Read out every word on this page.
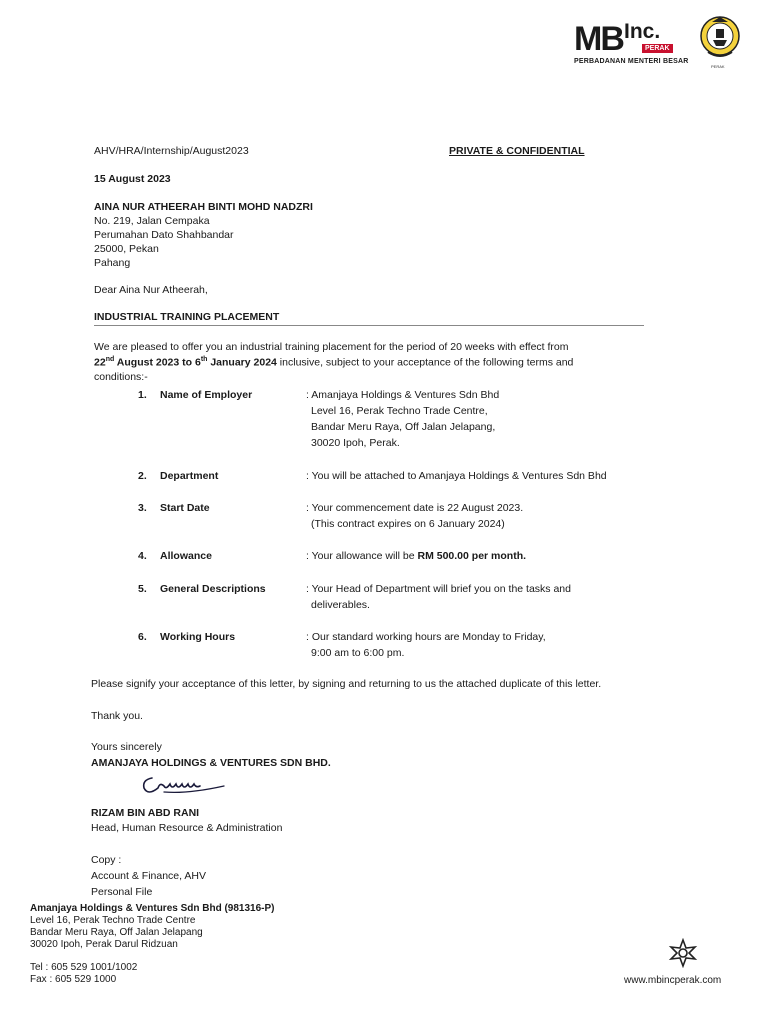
MB Inc.
PERAK
PERBADANAN MENTERI BESAR
PERAK
AHV/HRA/Internship/August2023	PRIVATE & CONFIDENTIAL
15 August 2023
AINA NUR ATHEERAH BINTI MOHD NADZRI
No. 219, Jalan Cempaka
Perumahan Dato Shahbandar
25000, Pekan
Pahang
Dear Aina Nur Atheerah,
INDUSTRIAL TRAINING PLACEMENT
We are pleased to offer you an industrial training placement for the period of 20 weeks with effect from
22nd August 2023 to 6th January 2024 inclusive, subject to your acceptance of the following terms and
conditions:-
1. Name of Employer	: Amanjaya Holdings & Ventures Sdn Bhd
Level 16, Perak Techno Trade Centre,
Bandar Meru Raya, Off Jalan Jelapang,
30020 Ipoh, Perak.
2. Department	: You will be attached to Amanjaya Holdings & Ventures Sdn Bhd
3. Start Date	: Your commencement date is 22 August 2023.
(This contract expires on 6 January 2024)
4. Allowance	: Your allowance will be RM 500.00 per month.
5. General Descriptions	: Your Head of Department will brief you on the tasks and
deliverables.
6. Working Hours	: Our standard working hours are Monday to Friday,
9:00 am to 6:00 pm.
Please signify your acceptance of this letter, by signing and returning to us the attached duplicate of this letter.
Thank you.
Yours sincerely
AMANJAYA HOLDINGS & VENTURES SDN BHD.
RIZAM BIN ABD RANI
Head, Human Resource & Administration
Copy :
Account & Finance, AHV
Personal File
Amanjaya Holdings & Ventures Sdn Bhd (981316-P)
Level 16, Perak Techno Trade Centre
Bandar Meru Raya, Off Jalan Jelapang
30020 Ipoh, Perak Darul Ridzuan
Tel : 605 529 1001/1002
Fax : 605 529 1000	www.mbincperak.com
